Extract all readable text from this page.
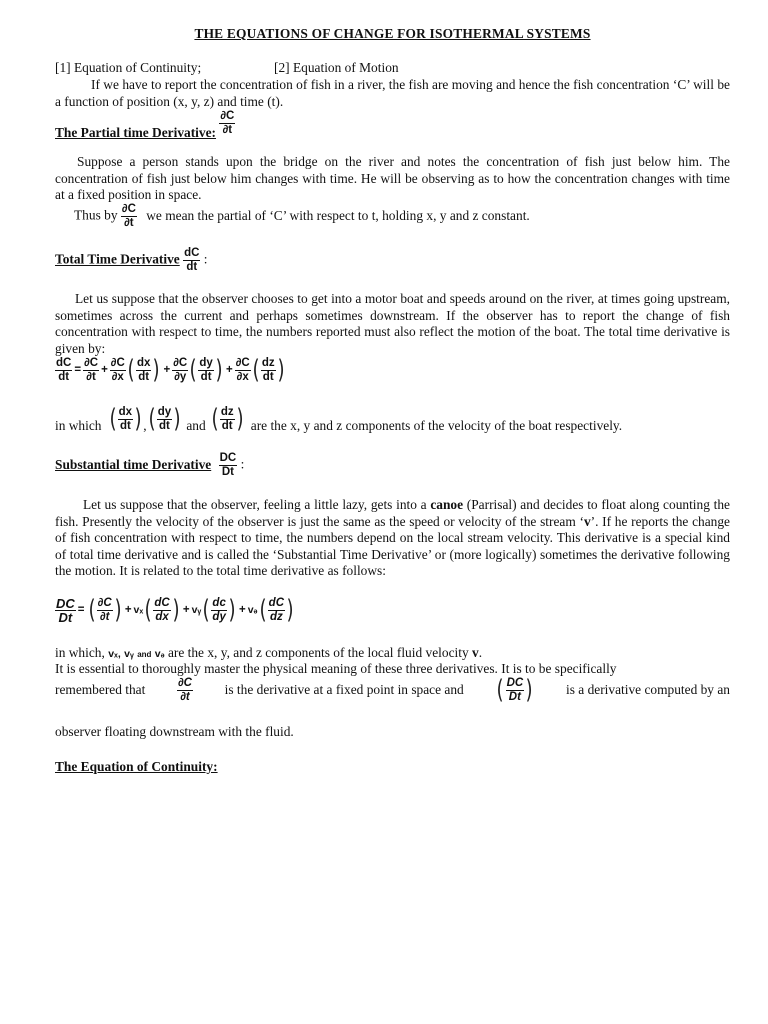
THE EQUATIONS OF CHANGE FOR ISOTHERMAL SYSTEMS
[1] Equation of Continuity;	[2] Equation of Motion
If we have to report the concentration of fish in a river, the fish are moving and hence the fish concentration ‘C’ will be a function of position (x, y, z) and time (t).
The Partial time Derivative: $\frac{\partial C}{\partial t}$
Suppose a person stands upon the bridge on the river and notes the concentration of fish just below him. The concentration of fish just below him changes with time. He will be observing as to how the concentration changes with time at a fixed position in space.
Thus by $\frac{\partial C}{\partial t}$ we mean the partial of ‘C’ with respect to t, holding x, y and z constant.
Total Time Derivative $\frac{dC}{dt}$ :
Let us suppose that the observer chooses to get into a motor boat and speeds around on the river, at times going upstream, sometimes across the current and perhaps sometimes downstream. If the observer has to report the change of fish concentration with respect to time, the numbers reported must also reflect the motion of the boat. The total time derivative is given by:
$\frac{dC}{dt} = \frac{\partial C}{\partial t} + \frac{\partial C}{\partial x}$ ( $\frac{dx}{dt}$ ) + $\frac{\partial C}{\partial y}$ ( $\frac{dy}{dt}$ ) + $\frac{\partial C}{\partial x}$ ( $\frac{dz}{dt}$ )
in which ( $\frac{dx}{dt}$ ) , ( $\frac{dy}{dt}$ ) and ( $\frac{dz}{dt}$ ) are the x, y and z components of the velocity of the boat respectively.
Substantial time Derivative $\frac{DC}{Dt}$ :
Let us suppose that the observer, feeling a little lazy, gets into a canoe (Parrisal) and decides to float along counting the fish. Presently the velocity of the observer is just the same as the speed or velocity of the stream ‘v’. If he reports the change of fish concentration with respect to time, the numbers depend on the local stream velocity. This derivative is a special kind of total time derivative and is called the ‘Substantial Time Derivative’ or (more logically) sometimes the derivative following the motion. It is related to the total time derivative as follows:
$\frac{DC}{Dt}$ = ( $\frac{\partial C}{\partial t}$ ) + vₓ ( $\frac{dC}{dx}$ ) + vᵧ ( $\frac{dc}{dy}$ ) + vₔ ( $\frac{dC}{dz}$ )
in which, vₓ, vᵧ and vₔ are the x, y, and z components of the local fluid velocity v.
It is essential to thoroughly master the physical meaning of these three derivatives. It is to be specifically
remembered that	$\frac{\partial C}{\partial t}$ is the derivative at a fixed point in space and ( $\frac{DC}{Dt}$ ) is a derivative computed by an
observer floating downstream with the fluid.
The Equation of Continuity:
